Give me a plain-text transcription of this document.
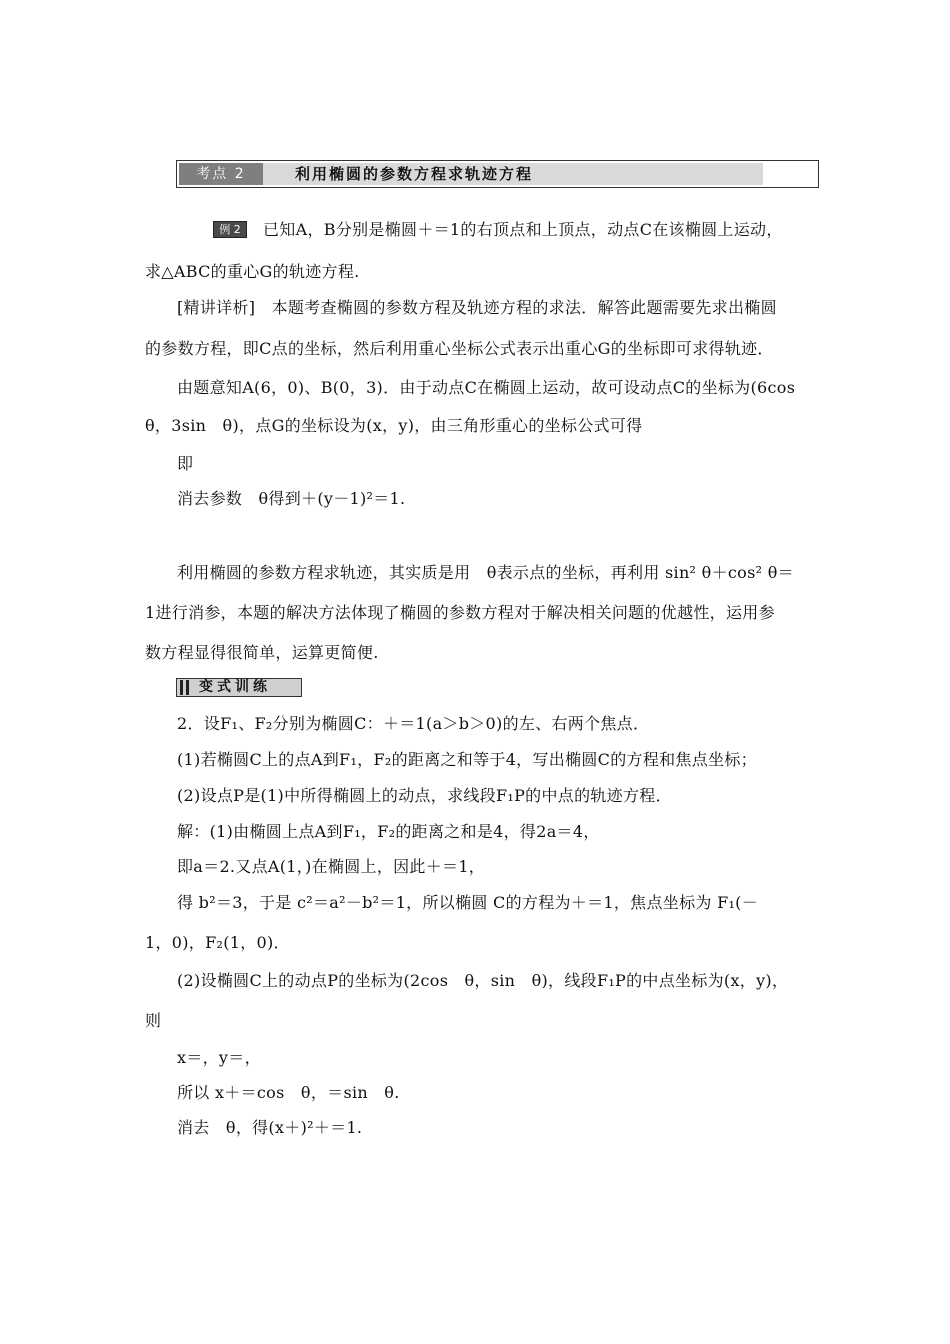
考点 2	利用椭圆的参数方程求轨迹方程
例 2	已知A，B分别是椭圆＋＝1的右顶点和上顶点，动点C在该椭圆上运动，
求△ABC的重心G的轨迹方程.
[精讲详析]　本题考查椭圆的参数方程及轨迹方程的求法．解答此题需要先求出椭圆
的参数方程，即C点的坐标，然后利用重心坐标公式表示出重心G的坐标即可求得轨迹．
由题意知A(6，0)、B(0，3)．由于动点C在椭圆上运动，故可设动点C的坐标为(6cos
θ，3sin　θ)，点G的坐标设为(x，y)，由三角形重心的坐标公式可得
即
消去参数　θ得到＋(y－1)²＝1.
利用椭圆的参数方程求轨迹，其实质是用　θ表示点的坐标，再利用 sin² θ＋cos² θ＝
1进行消参，本题的解决方法体现了椭圆的参数方程对于解决相关问题的优越性，运用参
数方程显得很简单，运算更简便.
变式训练
2．设F₁、F₂分别为椭圆C：＋＝1(a＞b＞0)的左、右两个焦点．
(1)若椭圆C上的点A到F₁，F₂的距离之和等于4，写出椭圆C的方程和焦点坐标；
(2)设点P是(1)中所得椭圆上的动点，求线段F₁P的中点的轨迹方程．
解：(1)由椭圆上点A到F₁，F₂的距离之和是4，得2a＝4，
即a＝2.又点A(1，)在椭圆上，因此＋＝1，
得 b²＝3，于是 c²＝a²－b²＝1，所以椭圆 C的方程为＋＝1，焦点坐标为 F₁(－
1，0)，F₂(1，0)．
(2)设椭圆C上的动点P的坐标为(2cos　θ，sin　θ)，线段F₁P的中点坐标为(x，y)，
则
x＝，y＝，
所以 x＋＝cos　θ，＝sin　θ.
消去　θ，得(x＋)²＋＝1.
